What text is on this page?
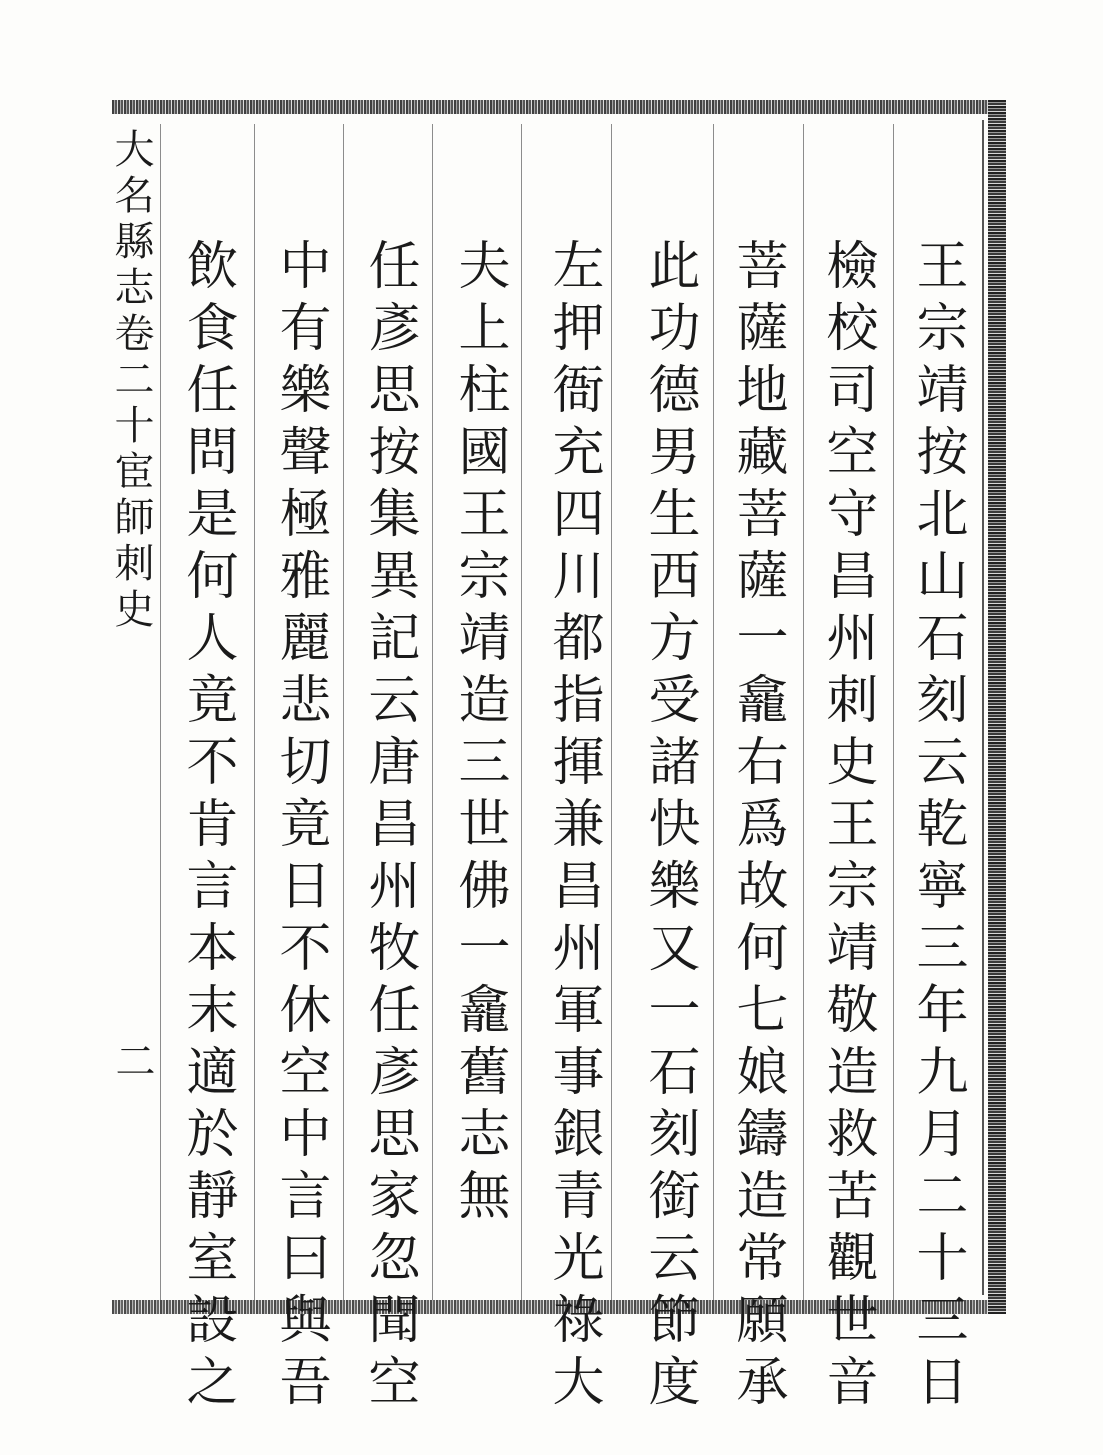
大名縣志卷二十宦師刺史
二	王宗靖按北山石刻云乾寧三年九月二十三日
檢校司空守昌州刺史王宗靖敬造救苦觀世音
菩薩地藏菩薩一龕右爲故何七娘鑄造常願承
此功德男生西方受諸快樂又一石刻銜云節度
左押衙充四川都指揮兼昌州軍事銀青光祿大
夫上柱國王宗靖造三世佛一龕舊志無
任彥思按集異記云唐昌州牧任彥思家忽聞空
中有樂聲極雅麗悲切竟日不休空中言曰與吾
飲食任問是何人竟不肯言本末適於靜室設之
